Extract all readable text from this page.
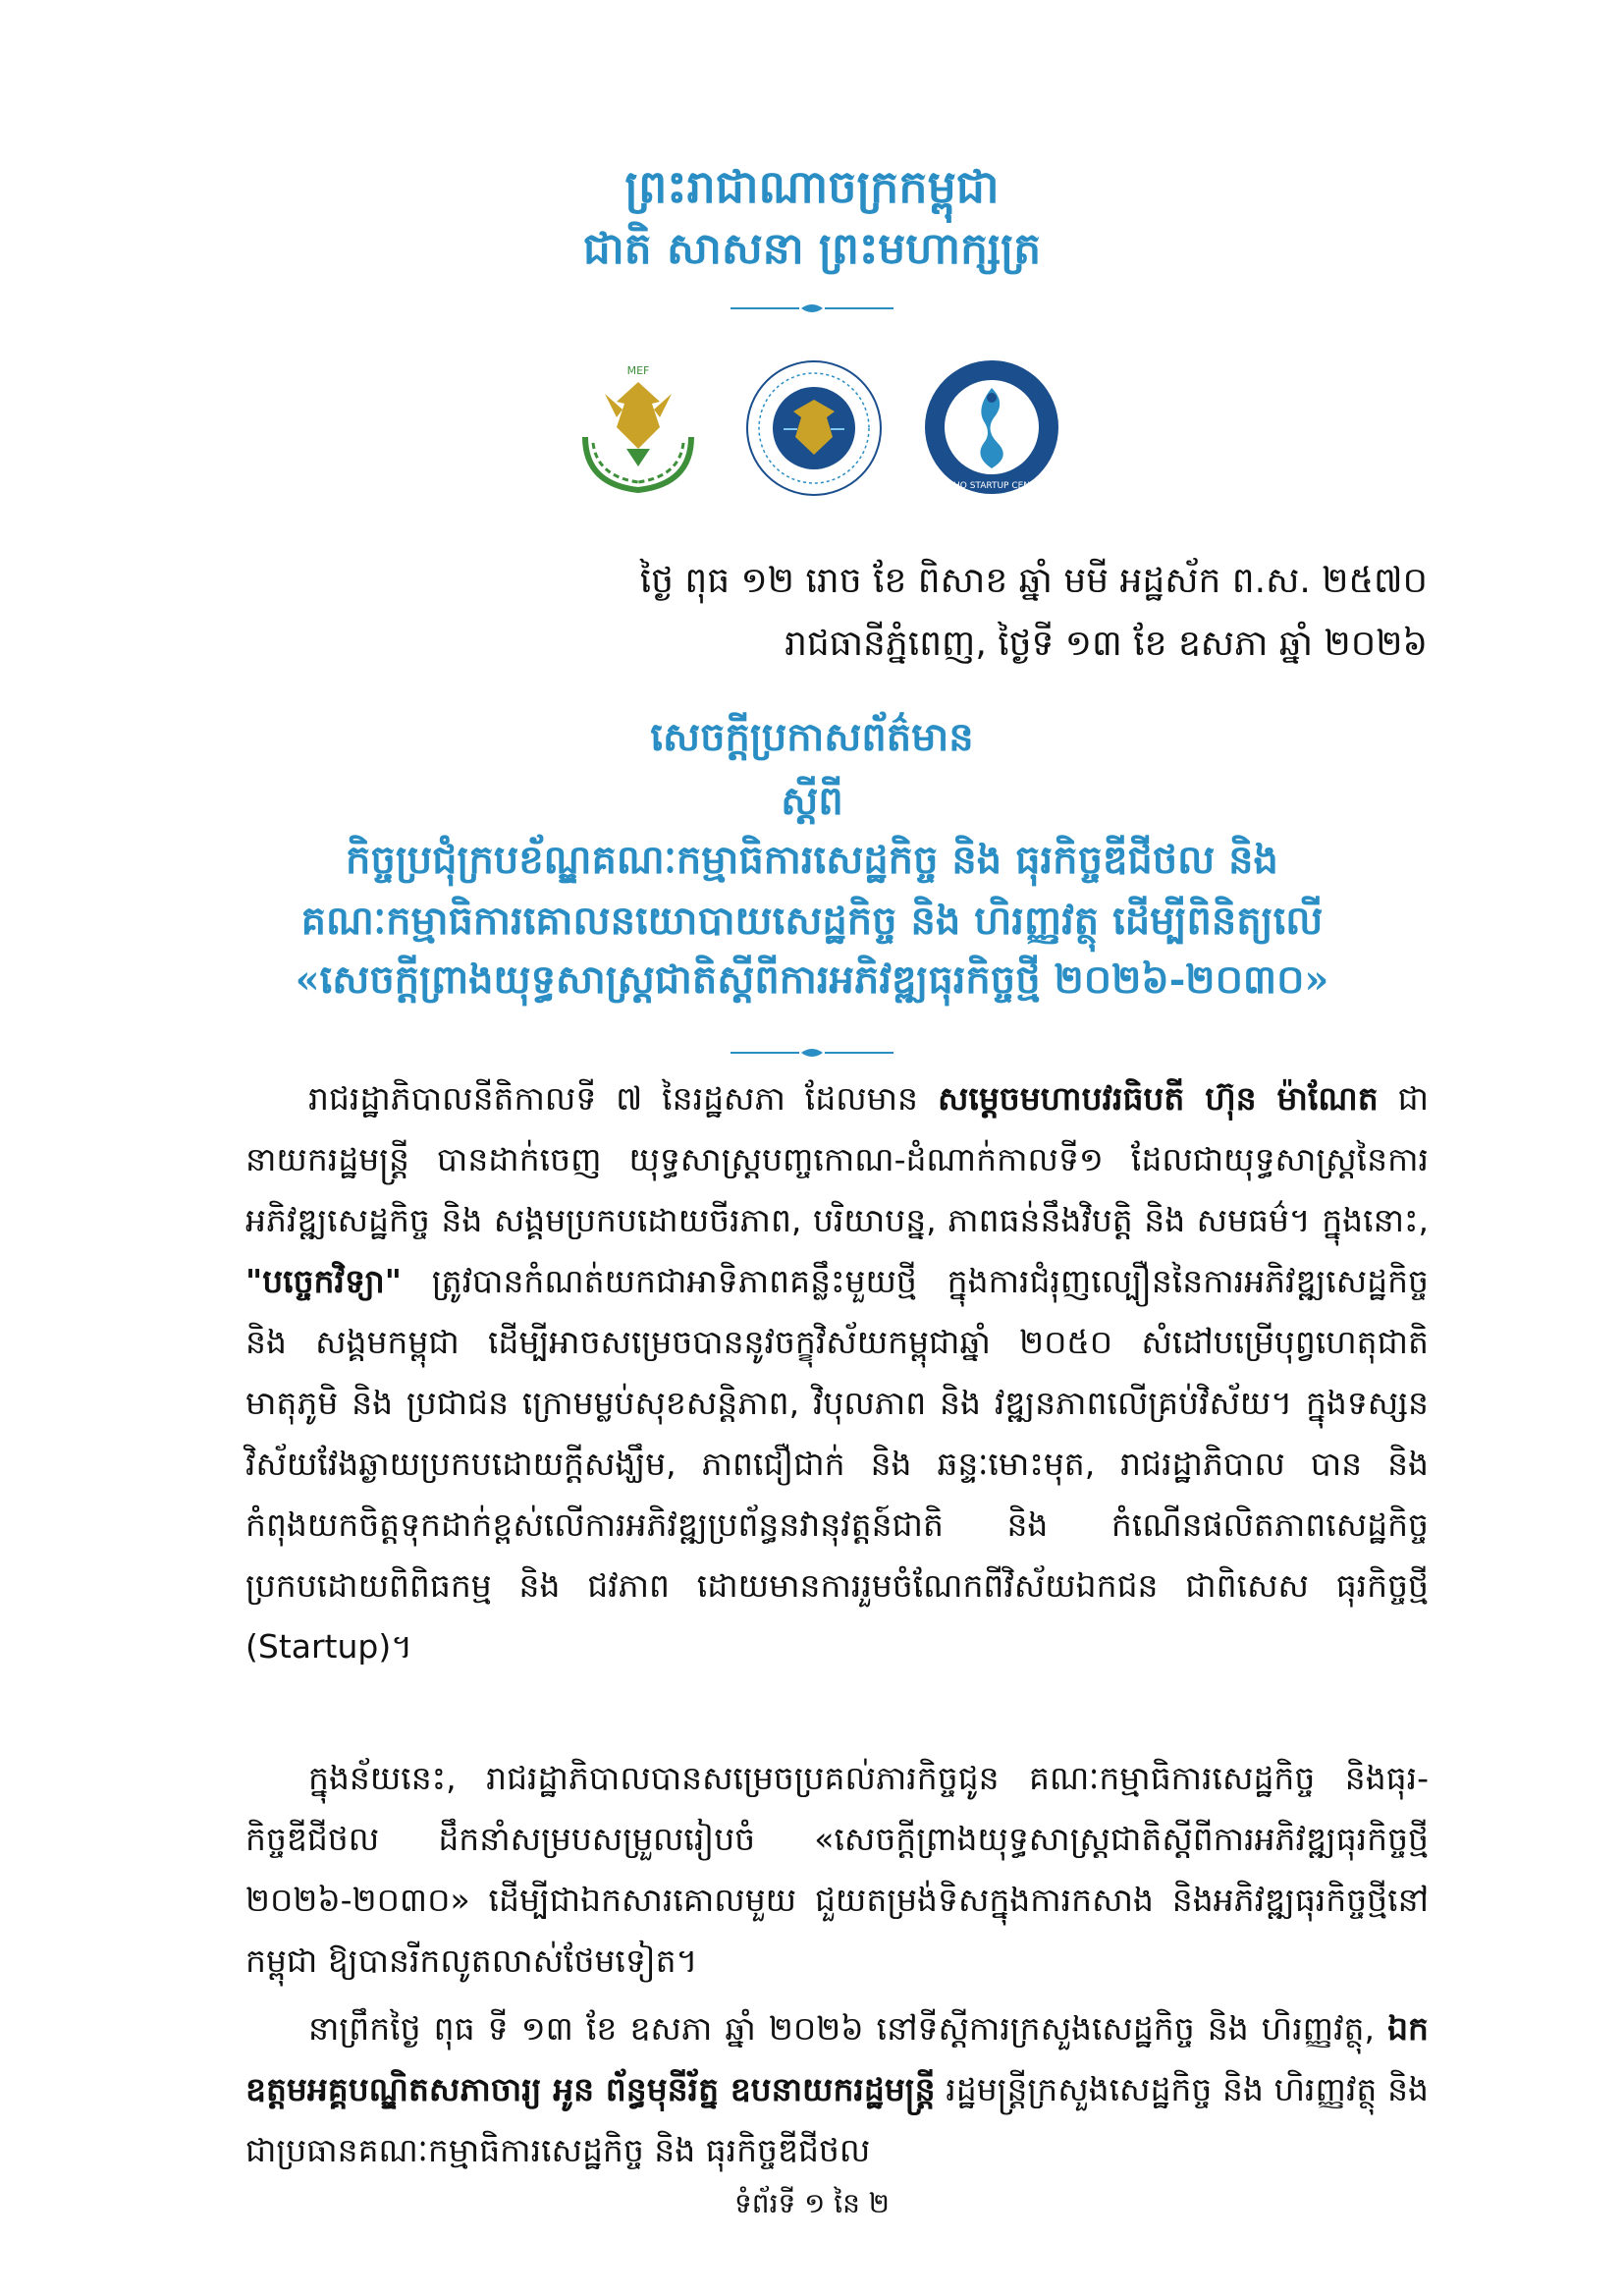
ព្រះរាជាណាចក្រកម្ពុជា
ជាតិ សាសនា ព្រះមហាក្សត្រ
MEF
TECHO STARTUP CENTER
ថ្ងៃ ពុធ ១២ រោច ខែ ពិសាខ ឆ្នាំ មមី អដ្ឋស័ក ព.ស. ២៥៧០
រាជធានីភ្នំពេញ, ថ្ងៃទី ១៣ ខែ ឧសភា ឆ្នាំ ២០២៦
សេចក្តីប្រកាសព័ត៌មាន
ស្តីពី
កិច្ចប្រជុំក្របខ័ណ្ឌគណៈកម្មាធិការសេដ្ឋកិច្ច និង ធុរកិច្ចឌីជីថល និង
គណៈកម្មាធិការគោលនយោបាយសេដ្ឋកិច្ច និង ហិរញ្ញវត្ថុ ដើម្បីពិនិត្យលើ
«សេចក្តីព្រាងយុទ្ធសាស្ត្រជាតិស្តីពីការអភិវឌ្ឍធុរកិច្ចថ្មី ២០២៦-២០៣០»
រាជរដ្ឋាភិបាលនីតិកាលទី ៧ នៃរដ្ឋសភា ដែលមាន សម្តេចមហាបវរធិបតី ហ៊ុន ម៉ាណែត ជានាយករដ្ឋមន្ត្រី បានដាក់ចេញ យុទ្ធសាស្ត្របញ្ចកោណ-ដំណាក់កាលទី១ ដែលជាយុទ្ធសាស្ត្រនៃការអភិវឌ្ឍសេដ្ឋកិច្ច និង សង្គមប្រកបដោយចីរភាព, បរិយាបន្ន, ភាពធន់នឹងវិបត្តិ និង សមធម៌។ ក្នុងនោះ, "បច្ចេកវិទ្យា" ត្រូវបានកំណត់យកជាអាទិភាពគន្លឹះមួយថ្មី ក្នុងការជំរុញល្បឿននៃការអភិវឌ្ឍសេដ្ឋកិច្ច និង សង្គមកម្ពុជា ដើម្បីអាចសម្រេចបាននូវចក្ខុវិស័យកម្ពុជាឆ្នាំ ២០៥០ សំដៅបម្រើបុព្វហេតុជាតិមាតុភូមិ និង ប្រជាជន ក្រោមម្លប់សុខសន្តិភាព, វិបុលភាព និង វឌ្ឍនភាពលើគ្រប់វិស័យ។ ក្នុងទស្សនវិស័យវែងឆ្ងាយប្រកបដោយក្តីសង្ឃឹម, ភាពជឿជាក់ និង ឆន្ទៈមោះមុត, រាជរដ្ឋាភិបាល បាន និង កំពុងយកចិត្តទុកដាក់ខ្ពស់លើការអភិវឌ្ឍប្រព័ន្ធនវានុវត្តន៍ជាតិ និង កំណើនផលិតភាពសេដ្ឋកិច្ច ប្រកបដោយពិពិធកម្ម និង ជវភាព ដោយមានការរួមចំណែកពីវិស័យឯកជន ជាពិសេស ធុរកិច្ចថ្មី (Startup)។
ក្នុងន័យនេះ, រាជរដ្ឋាភិបាលបានសម្រេចប្រគល់ភារកិច្ចជូន គណៈកម្មាធិការសេដ្ឋកិច្ច និងធុរ-កិច្ចឌីជីថល ដឹកនាំសម្របសម្រួលរៀបចំ «សេចក្តីព្រាងយុទ្ធសាស្ត្រជាតិស្តីពីការអភិវឌ្ឍធុរកិច្ចថ្មី ២០២៦-២០៣០» ដើម្បីជាឯកសារគោលមួយ ជួយតម្រង់ទិសក្នុងការកសាង និងអភិវឌ្ឍធុរកិច្ចថ្មីនៅកម្ពុជា ឱ្យបានរីកលូតលាស់ថែមទៀត។
នាព្រឹកថ្ងៃ ពុធ ទី ១៣ ខែ ឧសភា ឆ្នាំ ២០២៦ នៅទីស្តីការក្រសួងសេដ្ឋកិច្ច និង ហិរញ្ញវត្ថុ, ឯកឧត្តមអគ្គបណ្ឌិតសភាចារ្យ អូន ព័ន្ធមុនីរ័ត្ន ឧបនាយករដ្ឋមន្ត្រី រដ្ឋមន្ត្រីក្រសួងសេដ្ឋកិច្ច និង ហិរញ្ញវត្ថុ និង ជាប្រធានគណៈកម្មាធិការសេដ្ឋកិច្ច និង ធុរកិច្ចឌីជីថល
ទំព័រទី ១ នៃ ២
